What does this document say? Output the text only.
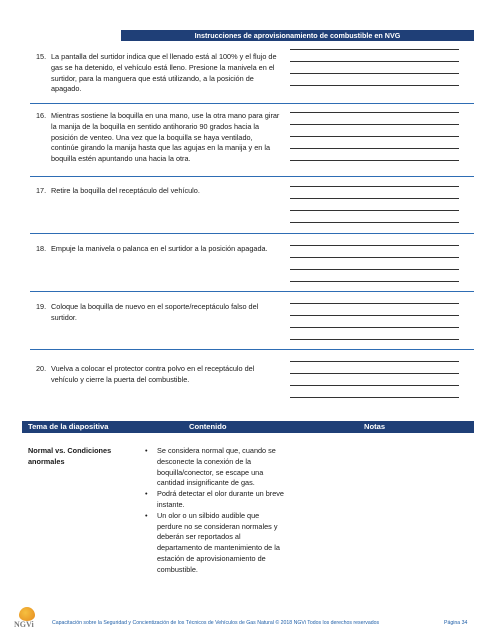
Instrucciones de aprovisionamiento de combustible en NVG
15. La pantalla del surtidor indica que el llenado está al 100% y el flujo de gas se ha detenido, el vehículo está lleno. Presione la manivela en el surtidor, para la manguera que está utilizando, a la posición de apagado.
16. Mientras sostiene la boquilla en una mano, use la otra mano para girar la manija de la boquilla en sentido antihorario 90 grados hacia la posición de venteo. Una vez que la boquilla se haya ventilado, continúe girando la manija hasta que las agujas en la manija y en la boquilla estén apuntando una hacia la otra.
17. Retire la boquilla del receptáculo del vehículo.
18. Empuje la manivela o palanca en el surtidor a la posición apagada.
19. Coloque la boquilla de nuevo en el soporte/receptáculo falso del surtidor.
20. Vuelva a colocar el protector contra polvo en el receptáculo del vehículo y cierre la puerta del combustible.
Tema de la diapositiva	Contenido	Notas
Normal vs. Condiciones anormales
• Se considera normal que, cuando se desconecte la conexión de la boquilla/conector, se escape una cantidad insignificante de gas.
• Podrá detectar el olor durante un breve instante.
• Un olor o un silbido audible que perdure no se consideran normales y deberán ser reportados al departamento de mantenimiento de la estación de aprovisionamiento de combustible.
NGVi	Capacitación sobre la Seguridad y Concientización de los Técnicos de Vehículos de Gas Natural © 2018 NGVi Todos los derechos reservados	Página 34
